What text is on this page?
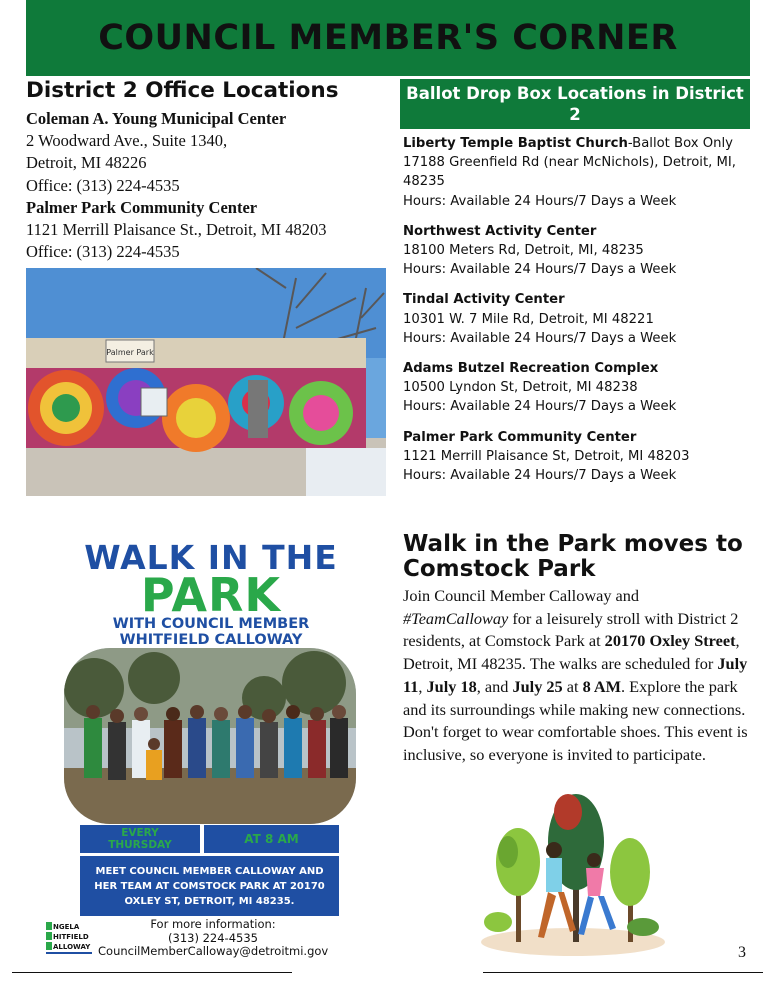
COUNCIL MEMBER'S CORNER
District 2 Office Locations
Coleman A. Young Municipal Center
2 Woodward Ave., Suite 1340,
Detroit, MI 48226
Office: (313) 224-4535
Palmer Park Community Center
1121 Merrill Plaisance St., Detroit, MI 48203
Office: (313) 224-4535
Palmer Park
Ballot Drop Box Locations in District 2
Liberty Temple Baptist Church-Ballot Box Only
17188 Greenfield Rd (near McNichols), Detroit, MI, 48235
Hours: Available 24 Hours/7 Days a Week
Northwest Activity Center
18100 Meters Rd, Detroit, MI, 48235
Hours: Available 24 Hours/7 Days a Week
Tindal Activity Center
10301 W. 7 Mile Rd, Detroit, MI 48221
Hours: Available 24 Hours/7 Days a Week
Adams Butzel Recreation Complex
10500 Lyndon St, Detroit, MI 48238
Hours: Available 24 Hours/7 Days a Week
Palmer Park Community Center
1121 Merrill Plaisance St, Detroit, MI 48203
Hours: Available 24 Hours/7 Days a Week
Walk in the Park moves to Comstock Park
Join Council Member Calloway and #TeamCalloway for a leisurely stroll with District 2 residents, at Comstock Park at 20170 Oxley Street, Detroit, MI 48235. The walks are scheduled for July 11, July 18, and July 25 at 8 AM. Explore the park and its surroundings while making new connections. Don't forget to wear comfortable shoes. This event is inclusive, so everyone is invited to participate.
WALK IN THE
PARK
WITH COUNCIL MEMBER
WHITFIELD CALLOWAY
EVERY
THURSDAY	AT 8 AM
MEET COUNCIL MEMBER CALLOWAY AND HER TEAM AT COMSTOCK PARK AT 20170 OXLEY ST, DETROIT, MI 48235.
NGELA
HITFIELD
ALLOWAY
For more information:
(313) 224-4535
CouncilMemberCalloway@detroitmi.gov	3
